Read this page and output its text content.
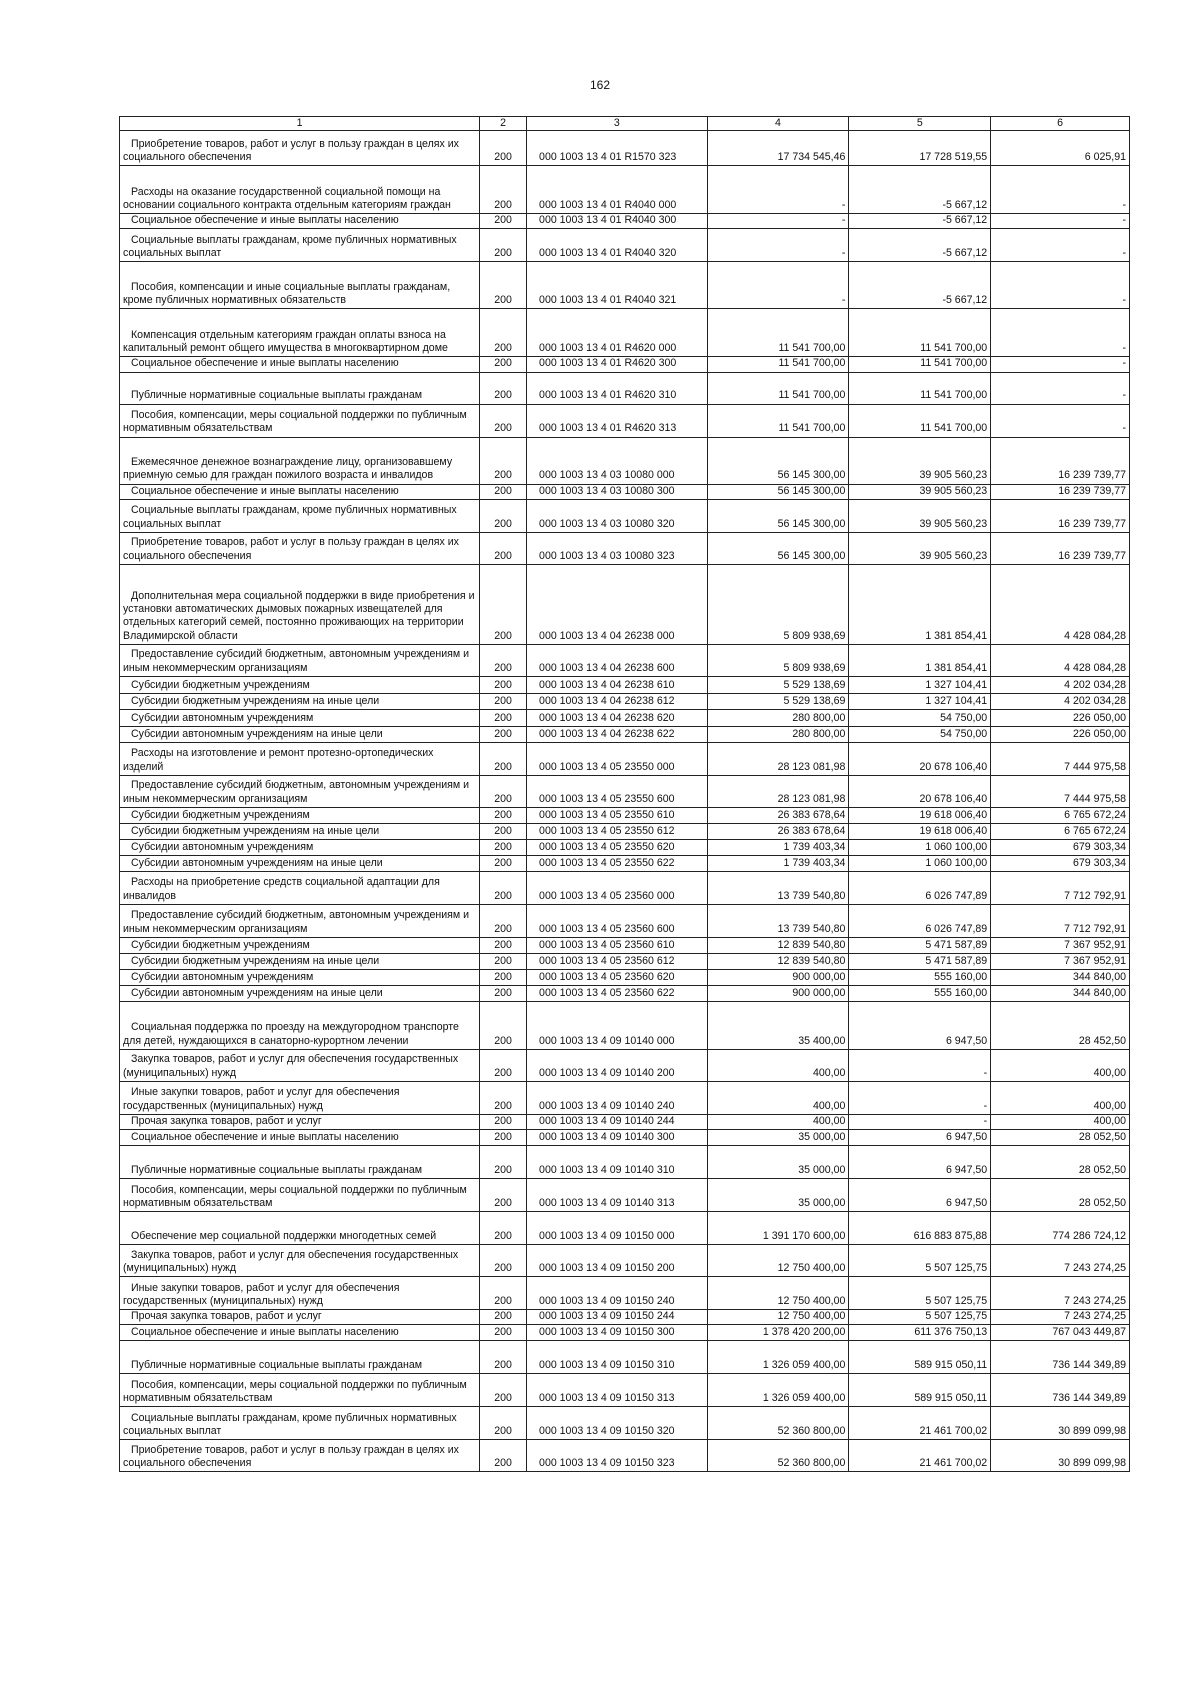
162
1	2	3	4	5	6

Приобретение товаров, работ и услуг в пользу граждан в целях их социального обеспечения	200	000 1003 13 4 01 R1570 323	17 734 545,46	17 728 519,55	6 025,91

Расходы на оказание государственной социальной помощи на основании социального контракта отдельным категориям граждан	200	000 1003 13 4 01 R4040 000	-	-5 667,12	-

Социальное обеспечение и иные выплаты населению	200	000 1003 13 4 01 R4040 300	-	-5 667,12	-

Социальные выплаты гражданам, кроме публичных нормативных социальных выплат	200	000 1003 13 4 01 R4040 320	-	-5 667,12	-

Пособия, компенсации и иные социальные выплаты гражданам, кроме публичных нормативных обязательств	200	000 1003 13 4 01 R4040 321	-	-5 667,12	-

Компенсация отдельным категориям граждан оплаты взноса на капитальный ремонт общего имущества в многоквартирном доме	200	000 1003 13 4 01 R4620 000	11 541 700,00	11 541 700,00	-

Социальное обеспечение и иные выплаты населению	200	000 1003 13 4 01 R4620 300	11 541 700,00	11 541 700,00	-

Публичные нормативные социальные выплаты гражданам	200	000 1003 13 4 01 R4620 310	11 541 700,00	11 541 700,00	-

Пособия, компенсации, меры социальной поддержки по публичным нормативным обязательствам	200	000 1003 13 4 01 R4620 313	11 541 700,00	11 541 700,00	-

Ежемесячное денежное вознаграждение лицу, организовавшему приемную семью для граждан пожилого возраста и инвалидов	200	000 1003 13 4 03 10080 000	56 145 300,00	39 905 560,23	16 239 739,77

Социальное обеспечение и иные выплаты населению	200	000 1003 13 4 03 10080 300	56 145 300,00	39 905 560,23	16 239 739,77

Социальные выплаты гражданам, кроме публичных нормативных социальных выплат	200	000 1003 13 4 03 10080 320	56 145 300,00	39 905 560,23	16 239 739,77

Приобретение товаров, работ и услуг в пользу граждан в целях их социального обеспечения	200	000 1003 13 4 03 10080 323	56 145 300,00	39 905 560,23	16 239 739,77

Дополнительная мера социальной поддержки в виде приобретения и установки автоматических дымовых пожарных извещателей для отдельных категорий семей, постоянно проживающих на территории Владимирской области	200	000 1003 13 4 04 26238 000	5 809 938,69	1 381 854,41	4 428 084,28

Предоставление субсидий бюджетным, автономным учреждениям и иным некоммерческим организациям	200	000 1003 13 4 04 26238 600	5 809 938,69	1 381 854,41	4 428 084,28

Субсидии бюджетным учреждениям	200	000 1003 13 4 04 26238 610	5 529 138,69	1 327 104,41	4 202 034,28

Субсидии бюджетным учреждениям на иные цели	200	000 1003 13 4 04 26238 612	5 529 138,69	1 327 104,41	4 202 034,28

Субсидии автономным учреждениям	200	000 1003 13 4 04 26238 620	280 800,00	54 750,00	226 050,00

Субсидии автономным учреждениям на иные цели	200	000 1003 13 4 04 26238 622	280 800,00	54 750,00	226 050,00

Расходы на изготовление и ремонт протезно-ортопедических изделий	200	000 1003 13 4 05 23550 000	28 123 081,98	20 678 106,40	7 444 975,58

Предоставление субсидий бюджетным, автономным учреждениям и иным некоммерческим организациям	200	000 1003 13 4 05 23550 600	28 123 081,98	20 678 106,40	7 444 975,58

Субсидии бюджетным учреждениям	200	000 1003 13 4 05 23550 610	26 383 678,64	19 618 006,40	6 765 672,24

Субсидии бюджетным учреждениям на иные цели	200	000 1003 13 4 05 23550 612	26 383 678,64	19 618 006,40	6 765 672,24

Субсидии автономным учреждениям	200	000 1003 13 4 05 23550 620	1 739 403,34	1 060 100,00	679 303,34

Субсидии автономным учреждениям на иные цели	200	000 1003 13 4 05 23550 622	1 739 403,34	1 060 100,00	679 303,34

Расходы на приобретение средств социальной адаптации для инвалидов	200	000 1003 13 4 05 23560 000	13 739 540,80	6 026 747,89	7 712 792,91

Предоставление субсидий бюджетным, автономным учреждениям и иным некоммерческим организациям	200	000 1003 13 4 05 23560 600	13 739 540,80	6 026 747,89	7 712 792,91

Субсидии бюджетным учреждениям	200	000 1003 13 4 05 23560 610	12 839 540,80	5 471 587,89	7 367 952,91

Субсидии бюджетным учреждениям на иные цели	200	000 1003 13 4 05 23560 612	12 839 540,80	5 471 587,89	7 367 952,91

Субсидии автономным учреждениям	200	000 1003 13 4 05 23560 620	900 000,00	555 160,00	344 840,00

Субсидии автономным учреждениям на иные цели	200	000 1003 13 4 05 23560 622	900 000,00	555 160,00	344 840,00

Социальная поддержка по проезду на междугородном транспорте для детей, нуждающихся в санаторно-курортном лечении	200	000 1003 13 4 09 10140 000	35 400,00	6 947,50	28 452,50

Закупка товаров, работ и услуг для обеспечения государственных (муниципальных) нужд	200	000 1003 13 4 09 10140 200	400,00	-	400,00

Иные закупки товаров, работ и услуг для обеспечения государственных (муниципальных) нужд	200	000 1003 13 4 09 10140 240	400,00	-	400,00

Прочая закупка товаров, работ и услуг	200	000 1003 13 4 09 10140 244	400,00	-	400,00

Социальное обеспечение и иные выплаты населению	200	000 1003 13 4 09 10140 300	35 000,00	6 947,50	28 052,50

Публичные нормативные социальные выплаты гражданам	200	000 1003 13 4 09 10140 310	35 000,00	6 947,50	28 052,50

Пособия, компенсации, меры социальной поддержки по публичным нормативным обязательствам	200	000 1003 13 4 09 10140 313	35 000,00	6 947,50	28 052,50

Обеспечение мер социальной поддержки многодетных семей	200	000 1003 13 4 09 10150 000	1 391 170 600,00	616 883 875,88	774 286 724,12

Закупка товаров, работ и услуг для обеспечения государственных (муниципальных) нужд	200	000 1003 13 4 09 10150 200	12 750 400,00	5 507 125,75	7 243 274,25

Иные закупки товаров, работ и услуг для обеспечения государственных (муниципальных) нужд	200	000 1003 13 4 09 10150 240	12 750 400,00	5 507 125,75	7 243 274,25

Прочая закупка товаров, работ и услуг	200	000 1003 13 4 09 10150 244	12 750 400,00	5 507 125,75	7 243 274,25

Социальное обеспечение и иные выплаты населению	200	000 1003 13 4 09 10150 300	1 378 420 200,00	611 376 750,13	767 043 449,87

Публичные нормативные социальные выплаты гражданам	200	000 1003 13 4 09 10150 310	1 326 059 400,00	589 915 050,11	736 144 349,89

Пособия, компенсации, меры социальной поддержки по публичным нормативным обязательствам	200	000 1003 13 4 09 10150 313	1 326 059 400,00	589 915 050,11	736 144 349,89

Социальные выплаты гражданам, кроме публичных нормативных социальных выплат	200	000 1003 13 4 09 10150 320	52 360 800,00	21 461 700,02	30 899 099,98

Приобретение товаров, работ и услуг в пользу граждан в целях их социального обеспечения	200	000 1003 13 4 09 10150 323	52 360 800,00	21 461 700,02	30 899 099,98
